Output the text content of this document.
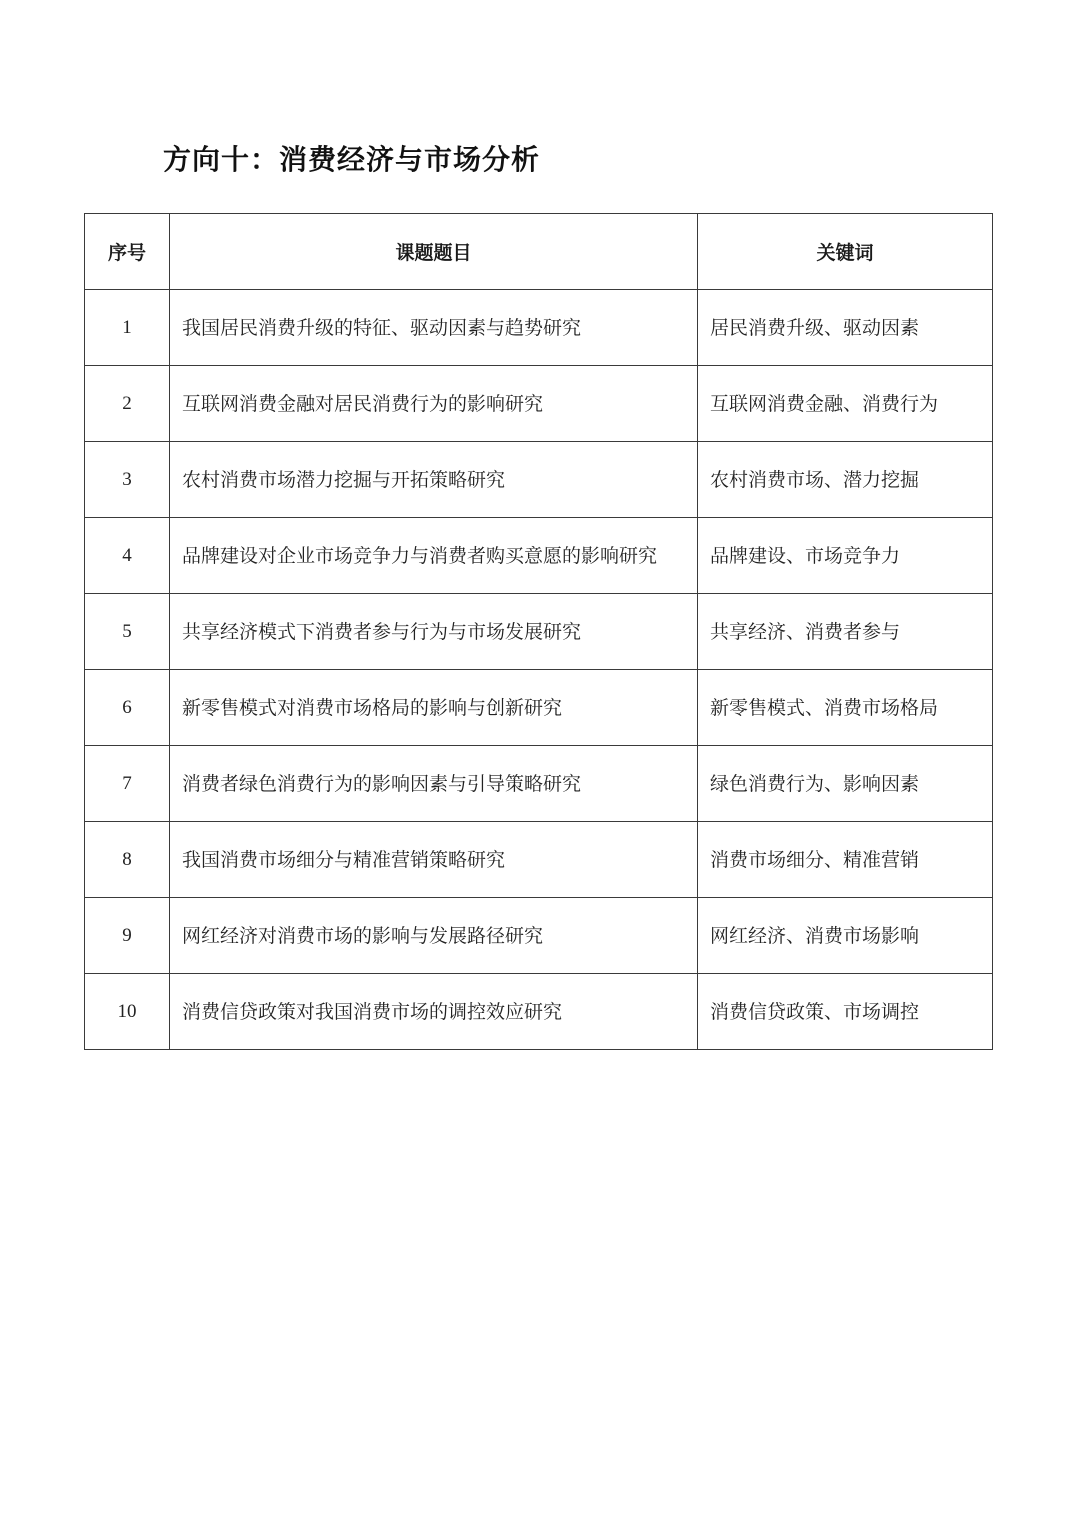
方向十：消费经济与市场分析
序号	课题题目	关键词
1	我国居民消费升级的特征、驱动因素与趋势研究	居民消费升级、驱动因素

2	互联网消费金融对居民消费行为的影响研究	互联网消费金融、消费行为

3	农村消费市场潜力挖掘与开拓策略研究	农村消费市场、潜力挖掘

4	品牌建设对企业市场竞争力与消费者购买意愿的影响研究	品牌建设、市场竞争力

5	共享经济模式下消费者参与行为与市场发展研究	共享经济、消费者参与

6	新零售模式对消费市场格局的影响与创新研究	新零售模式、消费市场格局

7	消费者绿色消费行为的影响因素与引导策略研究	绿色消费行为、影响因素

8	我国消费市场细分与精准营销策略研究	消费市场细分、精准营销

9	网红经济对消费市场的影响与发展路径研究	网红经济、消费市场影响

10	消费信贷政策对我国消费市场的调控效应研究	消费信贷政策、市场调控
